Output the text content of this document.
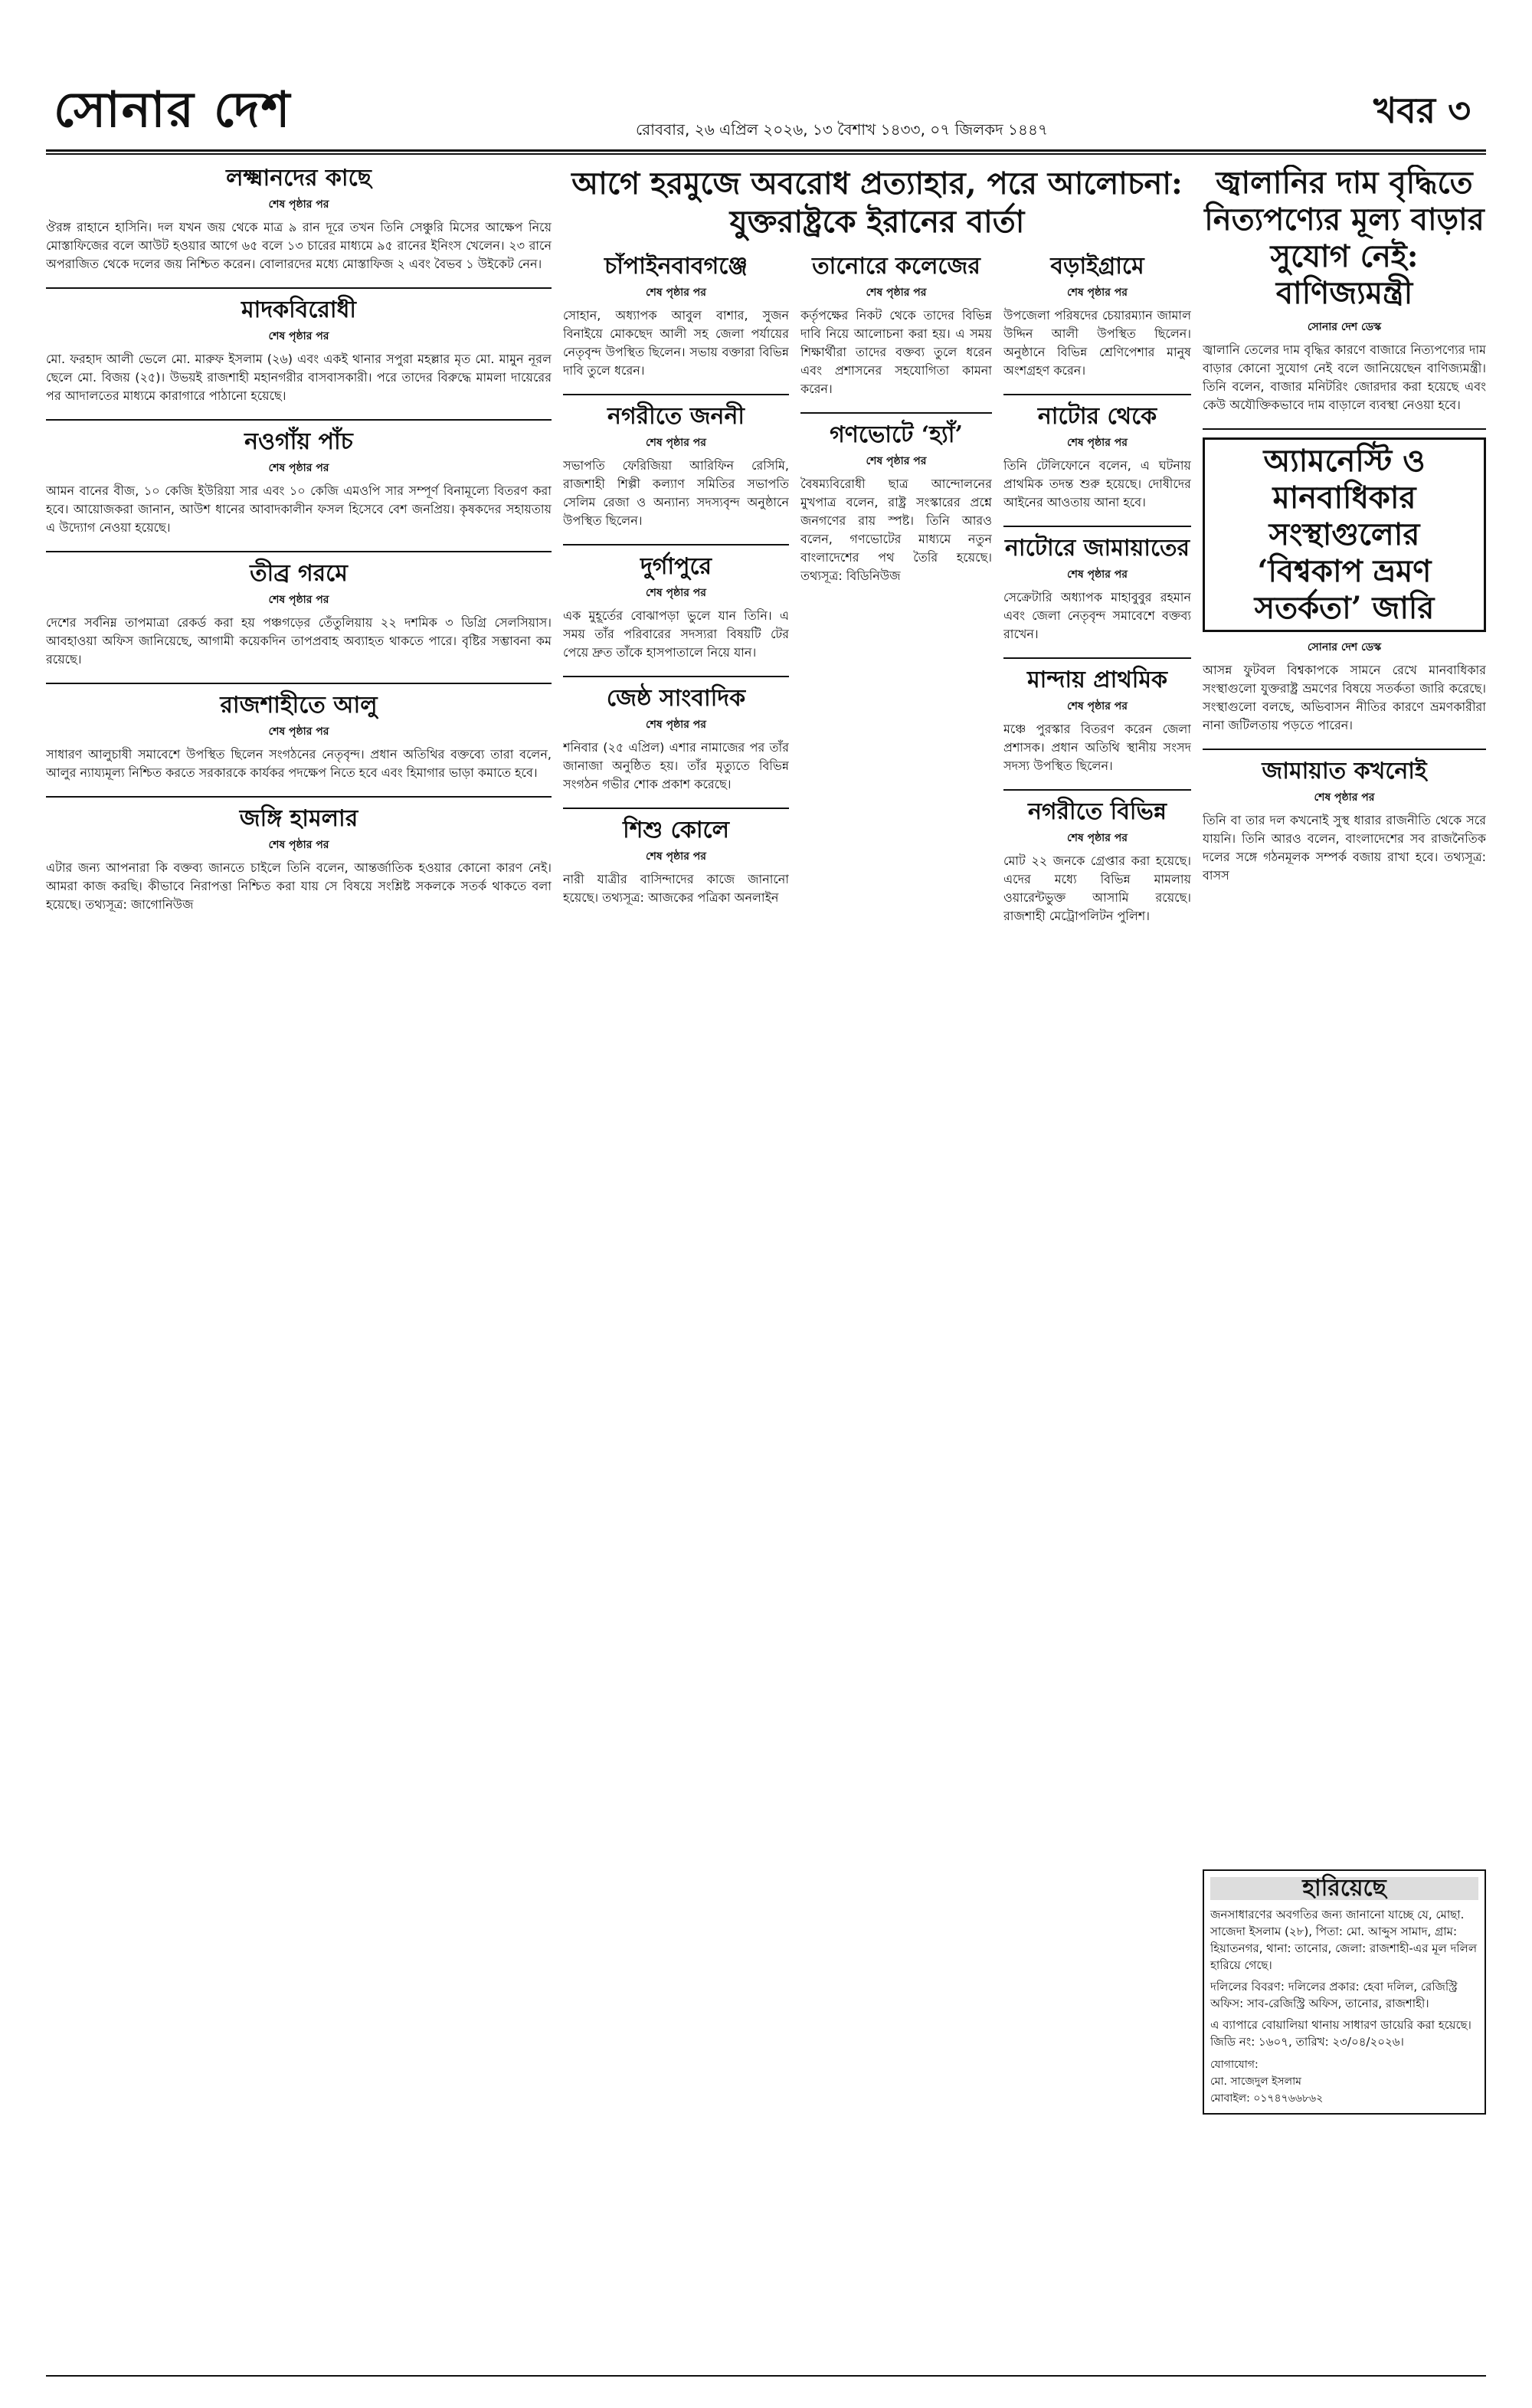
সোনার দেশ	রোববার, ২৬ এপ্রিল ২০২৬, ১৩ বৈশাখ ১৪৩৩, ০৭ জিলকদ ১৪৪৭	খবর ৩
লক্ষ্মানদের কাছে
শেষ পৃষ্ঠার পর

ঔরঙ্গ রাহানে হাসিনি। দল যখন জয় থেকে মাত্র ৯ রান দূরে তখন তিনি সেঞ্চুরি মিসের আক্ষেপ নিয়ে মোস্তাফিজের বলে আউট হওয়ার আগে ৬৫ বলে ১৩ চারের মাধ্যমে ৯৫ রানের ইনিংস খেলেন। ২৩ রানে অপরাজিত থেকে দলের জয় নিশ্চিত করেন। বোলারদের মধ্যে মোস্তাফিজ ২ এবং বৈভব ১ উইকেট নেন।

মাদকবিরোধী
শেষ পৃষ্ঠার পর

মো. ফরহাদ আলী ভেলে মো. মারুফ ইসলাম (২৬) এবং একই থানার সপুরা মহল্লার মৃত মো. মামুন নূরল ছেলে মো. বিজয় (২৫)। উভয়ই রাজশাহী মহানগরীর বাসবাসকারী। পরে তাদের বিরুদ্ধে মামলা দায়েরের পর আদালতের মাধ্যমে কারাগারে পাঠানো হয়েছে।

নওগাঁয় পাঁচ
শেষ পৃষ্ঠার পর

আমন বানের বীজ, ১০ কেজি ইউরিয়া সার এবং ১০ কেজি এমওপি সার সম্পূর্ণ বিনামূল্যে বিতরণ করা হবে। আয়োজকরা জানান, আউশ ধানের আবাদকালীন ফসল হিসেবে বেশ জনপ্রিয়। কৃষকদের সহায়তায় এ উদ্যোগ নেওয়া হয়েছে।

তীব্র গরমে
শেষ পৃষ্ঠার পর

দেশের সর্বনিম্ন তাপমাত্রা রেকর্ড করা হয় পঞ্চগড়ের তেঁতুলিয়ায় ২২ দশমিক ৩ ডিগ্রি সেলসিয়াস। আবহাওয়া অফিস জানিয়েছে, আগামী কয়েকদিন তাপপ্রবাহ অব্যাহত থাকতে পারে। বৃষ্টির সম্ভাবনা কম রয়েছে।

রাজশাহীতে আলু
শেষ পৃষ্ঠার পর

সাধারণ আলুচাষী সমাবেশে উপস্থিত ছিলেন সংগঠনের নেতৃবৃন্দ। প্রধান অতিথির বক্তব্যে তারা বলেন, আলুর ন্যায্যমূল্য নিশ্চিত করতে সরকারকে কার্যকর পদক্ষেপ নিতে হবে এবং হিমাগার ভাড়া কমাতে হবে।

জঙ্গি হামলার
শেষ পৃষ্ঠার পর

এটার জন্য আপনারা কি বক্তব্য জানতে চাইলে তিনি বলেন, আন্তর্জাতিক হওয়ার কোনো কারণ নেই। আমরা কাজ করছি। কীভাবে নিরাপত্তা নিশ্চিত করা যায় সে বিষয়ে সংশ্লিষ্ট সকলকে সতর্ক থাকতে বলা হয়েছে। তথ্যসূত্র: জাগোনিউজ

আগে হরমুজে অবরোধ প্রত্যাহার, পরে আলোচনা: যুক্তরাষ্ট্রকে ইরানের বার্তা
চাঁপাইনবাবগঞ্জে
শেষ পৃষ্ঠার পর

সোহান, অধ্যাপক আবুল বাশার, সুজন বিনাইয়ে মোকছেদ আলী সহ জেলা পর্যায়ের নেতৃবৃন্দ উপস্থিত ছিলেন। সভায় বক্তারা বিভিন্ন দাবি তুলে ধরেন।

নগরীতে জননী
শেষ পৃষ্ঠার পর

সভাপতি ফেরিজিয়া আরিফিন রেসিমি, রাজশাহী শিল্পী কল্যাণ সমিতির সভাপতি সেলিম রেজা ও অন্যান্য সদস্যবৃন্দ অনুষ্ঠানে উপস্থিত ছিলেন।

দুর্গাপুরে
শেষ পৃষ্ঠার পর

এক মুহূর্তের বোঝাপড়া ভুলে যান তিনি। এ সময় তাঁর পরিবারের সদস্যরা বিষয়টি টের পেয়ে দ্রুত তাঁকে হাসপাতালে নিয়ে যান।

জেষ্ঠ সাংবাদিক
শেষ পৃষ্ঠার পর

শনিবার (২৫ এপ্রিল) এশার নামাজের পর তাঁর জানাজা অনুষ্ঠিত হয়। তাঁর মৃত্যুতে বিভিন্ন সংগঠন গভীর শোক প্রকাশ করেছে।

শিশু কোলে
শেষ পৃষ্ঠার পর

নারী যাত্রীর বাসিন্দাদের কাজে জানানো হয়েছে। তথ্যসূত্র: আজকের পত্রিকা অনলাইন

তানোরে কলেজের
শেষ পৃষ্ঠার পর

কর্তৃপক্ষের নিকট থেকে তাদের বিভিন্ন দাবি নিয়ে আলোচনা করা হয়। এ সময় শিক্ষার্থীরা তাদের বক্তব্য তুলে ধরেন এবং প্রশাসনের সহযোগিতা কামনা করেন।

গণভোটে ‘হ্যাঁ’
শেষ পৃষ্ঠার পর

বৈষম্যবিরোধী ছাত্র আন্দোলনের মুখপাত্র বলেন, রাষ্ট্র সংস্কারের প্রশ্নে জনগণের রায় স্পষ্ট। তিনি আরও বলেন, গণভোটের মাধ্যমে নতুন বাংলাদেশের পথ তৈরি হয়েছে। তথ্যসূত্র: বিডিনিউজ

বড়াইগ্রামে
শেষ পৃষ্ঠার পর

উপজেলা পরিষদের চেয়ারম্যান জামাল উদ্দিন আলী উপস্থিত ছিলেন। অনুষ্ঠানে বিভিন্ন শ্রেণিপেশার মানুষ অংশগ্রহণ করেন।

নাটোর থেকে
শেষ পৃষ্ঠার পর

তিনি টেলিফোনে বলেন, এ ঘটনায় প্রাথমিক তদন্ত শুরু হয়েছে। দোষীদের আইনের আওতায় আনা হবে।

নাটোরে জামায়াতের
শেষ পৃষ্ঠার পর

সেক্রেটারি অধ্যাপক মাহাবুবুর রহমান এবং জেলা নেতৃবৃন্দ সমাবেশে বক্তব্য রাখেন।

মান্দায় প্রাথমিক
শেষ পৃষ্ঠার পর

মঞ্চে পুরস্কার বিতরণ করেন জেলা প্রশাসক। প্রধান অতিথি স্থানীয় সংসদ সদস্য উপস্থিত ছিলেন।

নগরীতে বিভিন্ন
শেষ পৃষ্ঠার পর

মোট ২২ জনকে গ্রেপ্তার করা হয়েছে। এদের মধ্যে বিভিন্ন মামলায় ওয়ারেন্টভুক্ত আসামি রয়েছে। রাজশাহী মেট্রোপলিটন পুলিশ।

জ্বালানির দাম বৃদ্ধিতে নিত্যপণ্যের মূল্য বাড়ার সুযোগ নেই: বাণিজ্যমন্ত্রী
সোনার দেশ ডেস্ক

জ্বালানি তেলের দাম বৃদ্ধির কারণে বাজারে নিত্যপণ্যের দাম বাড়ার কোনো সুযোগ নেই বলে জানিয়েছেন বাণিজ্যমন্ত্রী। তিনি বলেন, বাজার মনিটরিং জোরদার করা হয়েছে এবং কেউ অযৌক্তিকভাবে দাম বাড়ালে ব্যবস্থা নেওয়া হবে।

অ্যামনেস্টি ও মানবাধিকার সংস্থাগুলোর ‘বিশ্বকাপ ভ্রমণ সতর্কতা’ জারি
সোনার দেশ ডেস্ক

আসন্ন ফুটবল বিশ্বকাপকে সামনে রেখে মানবাধিকার সংস্থাগুলো যুক্তরাষ্ট্র ভ্রমণের বিষয়ে সতর্কতা জারি করেছে। সংস্থাগুলো বলছে, অভিবাসন নীতির কারণে ভ্রমণকারীরা নানা জটিলতায় পড়তে পারেন।

জামায়াত কখনোই
শেষ পৃষ্ঠার পর

তিনি বা তার দল কখনোই সুস্থ ধারার রাজনীতি থেকে সরে যায়নি। তিনি আরও বলেন, বাংলাদেশের সব রাজনৈতিক দলের সঙ্গে গঠনমূলক সম্পর্ক বজায় রাখা হবে। তথ্যসূত্র: বাসস

হারিয়েছে

জনসাধারণের অবগতির জন্য জানানো যাচ্ছে যে, মোছা. সাজেদা ইসলাম (২৮), পিতা: মো. আব্দুস সামাদ, গ্রাম: হিয়াতনগর, থানা: তানোর, জেলা: রাজশাহী-এর মূল দলিল হারিয়ে গেছে।

দলিলের বিবরণ: দলিলের প্রকার: হেবা দলিল, রেজিস্ট্রি অফিস: সাব-রেজিস্ট্রি অফিস, তানোর, রাজশাহী।

এ ব্যাপারে বোয়ালিয়া থানায় সাধারণ ডায়েরি করা হয়েছে। জিডি নং: ১৬০৭, তারিখ: ২৩/০৪/২০২৬।

যোগাযোগ:
মো. সাজেদুল ইসলাম
মোবাইল: ০১৭৪৭৬৬৮৬২
